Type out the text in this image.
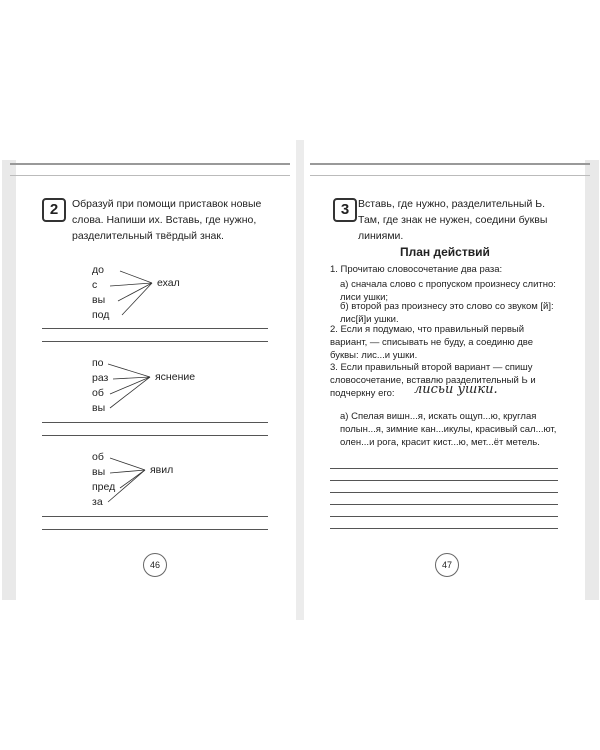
2	Образуй при помощи приставок новые слова. Напиши их. Вставь, где нужно, разделительный твёрдый знак.
до
с
вы
под
ехал
по
раз
об
вы
яснение
об
вы
пред
за
явил
46
3 Вставь, где нужно, разделительный Ь. Там, где знак не нужен, соедини буквы линиями.
План действий
1. Прочитаю словосочетание два раза:
а) сначала слово с пропуском произнесу слитно: лиси ушки;
б) второй раз произнесу это слово со звуком [й]: лис[й]и ушки.
2. Если я подумаю, что правильный первый вариант, — списывать не буду, а соединю две буквы: лис...и ушки.
3. Если правильный второй вариант — спишу словосочетание, вставлю разделительный Ь и подчеркну его:	лисьи ушки.
а) Спелая вишн...я, искать ощуп...ю, круглая полын...я, зимние кан...икулы, красивый сал...ют, олен...и рога, красит кист...ю, мет...ёт метель.
47
